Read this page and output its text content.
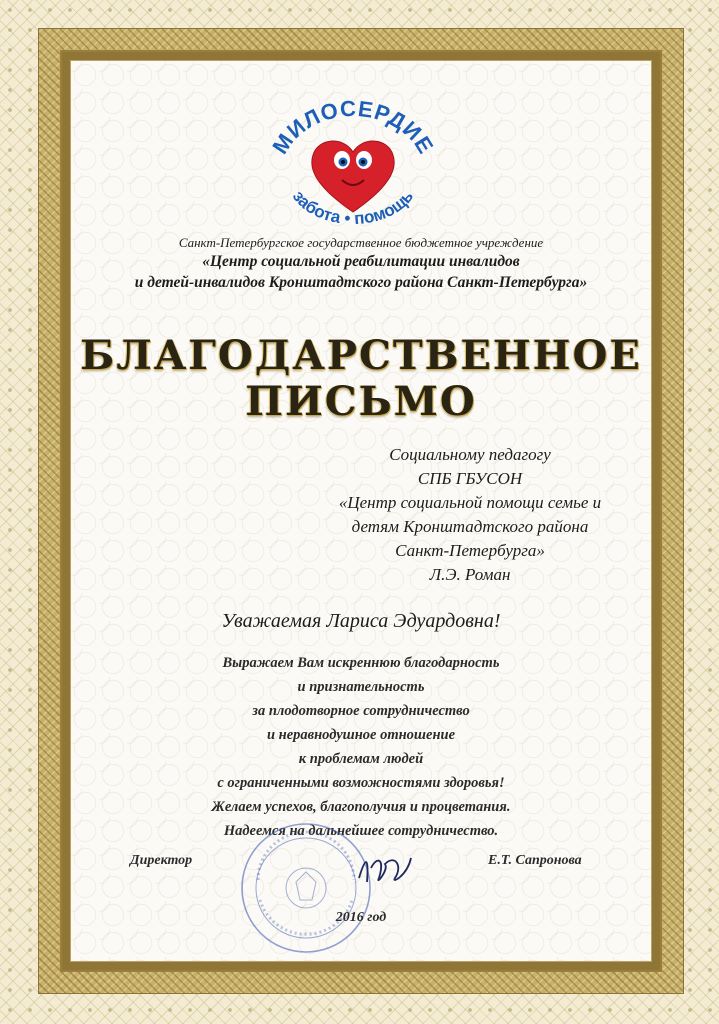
МИЛОСЕРДИЕ
забота • помощь
Санкт-Петербургское государственное бюджетное учреждение
«Центр социальной реабилитации инвалидов
и детей-инвалидов Кронштадтского района Санкт-Петербурга»
БЛАГОДАРСТВЕННОЕ
ПИСЬМО
Социальному педагогу
СПБ ГБУСОН
«Центр социальной помощи семье и
детям Кронштадтского района
Санкт-Петербурга»
Л.Э. Роман
Уважаемая Лариса Эдуардовна!
Выражаем Вам искреннюю благодарность
и признательность
за плодотворное сотрудничество
и неравнодушное отношение
к проблемам людей
с ограниченными возможностями здоровья!
Желаем успехов, благополучия и процветания.
Надеемся на дальнейшее сотрудничество.
Директор	Е.Т. Сапронова
2016 год
